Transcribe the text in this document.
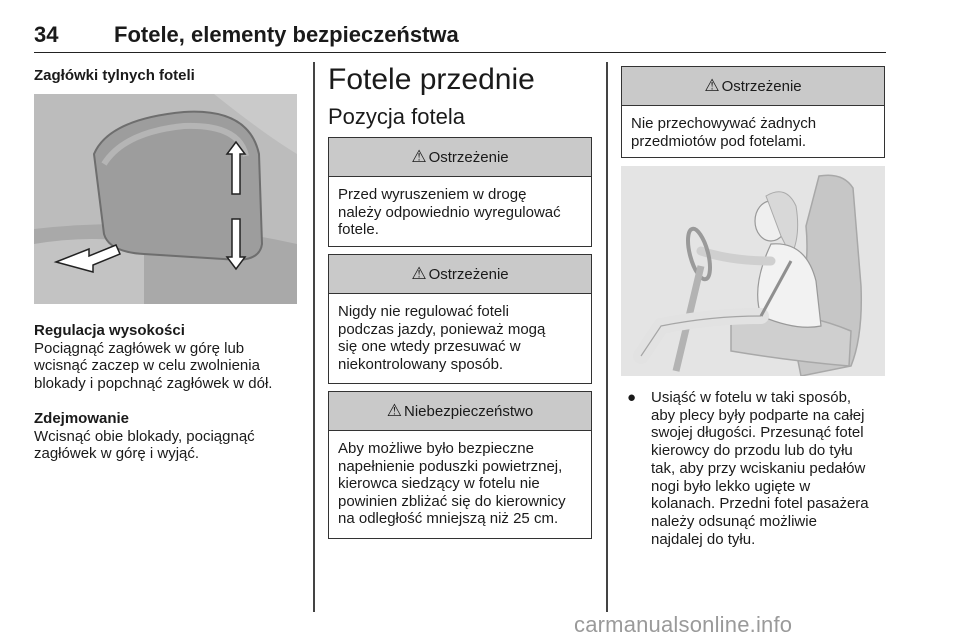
34	Fotele, elementy bezpieczeństwa
Zagłówki tylnych foteli
Regulacja wysokości
Pociągnąć zagłówek w górę lub
wcisnąć zaczep w celu zwolnienia
blokady i popchnąć zagłówek w dół.
Zdejmowanie
Wcisnąć obie blokady, pociągnąć
zagłówek w górę i wyjąć.
Fotele przednie
Pozycja fotela
⚠ Ostrzeżenie
Przed wyruszeniem w drogę
należy odpowiednio wyregulować
fotele.
⚠ Ostrzeżenie
Nigdy nie regulować foteli
podczas jazdy, ponieważ mogą
się one wtedy przesuwać w
niekontrolowany sposób.
⚠ Niebezpieczeństwo
Aby możliwe było bezpieczne
napełnienie poduszki powietrznej,
kierowca siedzący w fotelu nie
powinien zbliżać się do kierownicy
na odległość mniejszą niż 25 cm.
⚠ Ostrzeżenie
Nie przechowywać żadnych
przedmiotów pod fotelami.
● Usiąść w fotelu w taki sposób,
aby plecy były podparte na całej
swojej długości. Przesunąć fotel
kierowcy do przodu lub do tyłu
tak, aby przy wciskaniu pedałów
nogi było lekko ugięte w
kolanach. Przedni fotel pasażera
należy odsunąć możliwie
najdalej do tyłu.
carmanualsonline.info
